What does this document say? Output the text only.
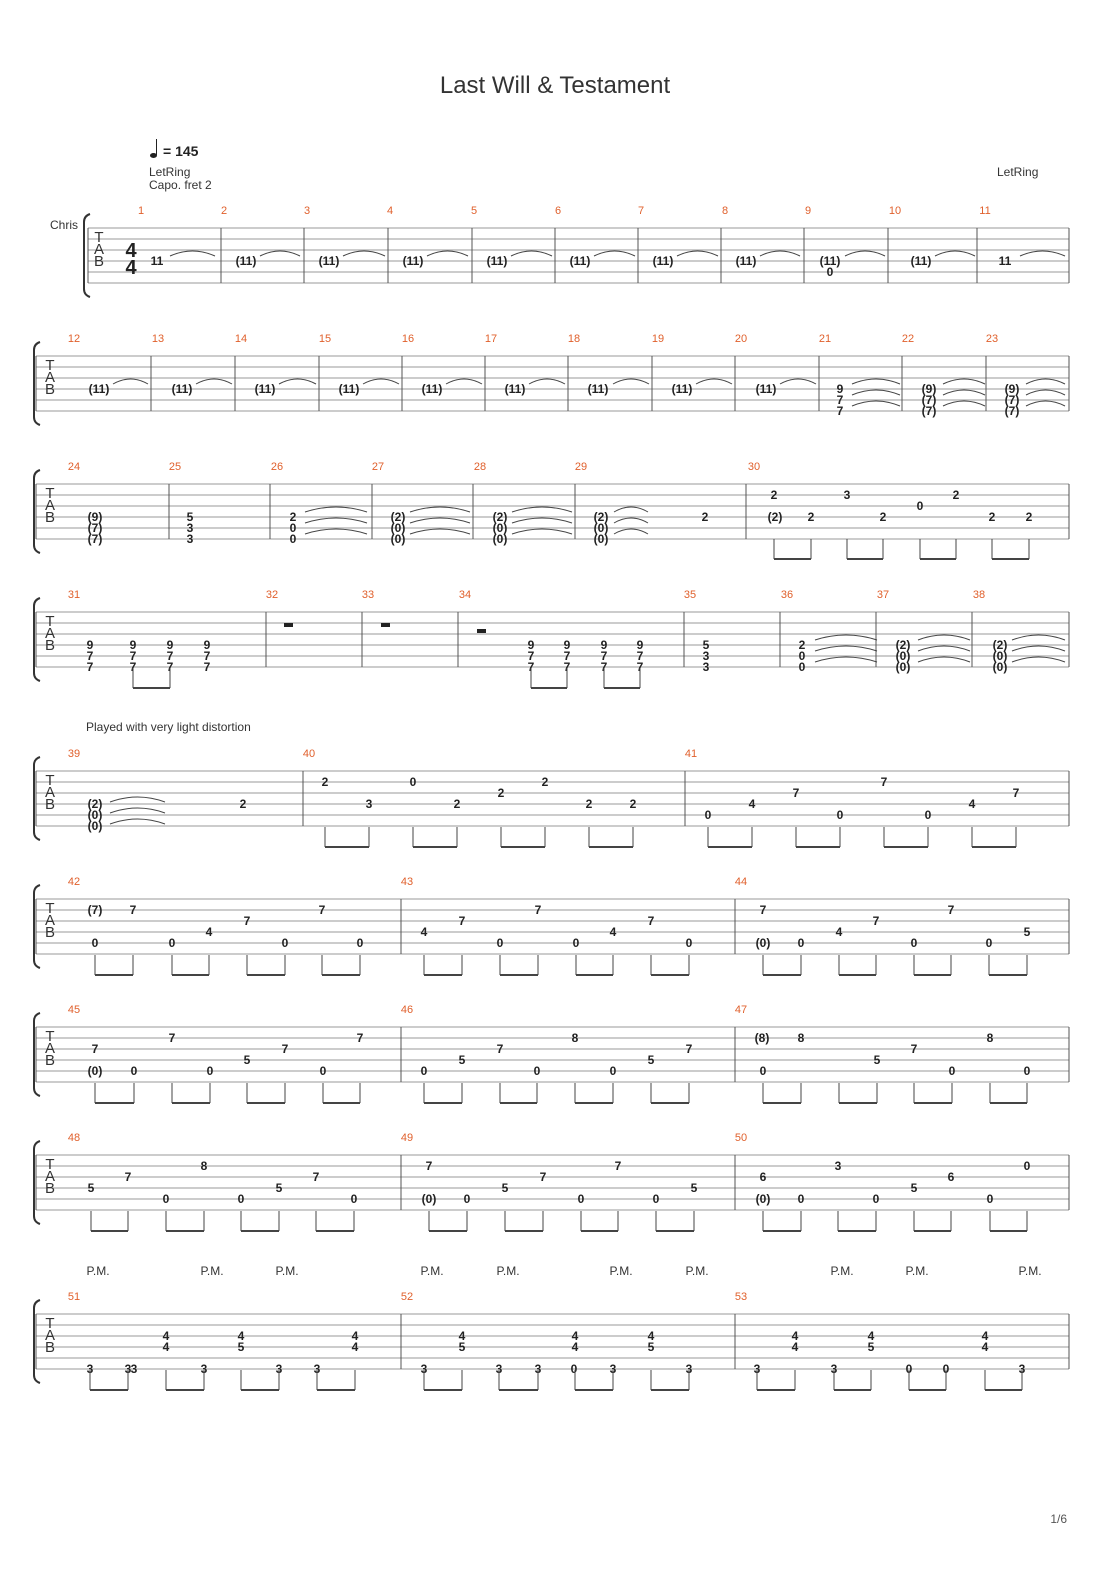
Last Will & Testament
= 145
LetRing
Capo. fret 2
LetRing
Chris
Played with very light distortion
1/6
T
A
B
1	2	3	4	5	6	7	8	9	10	11
T
A
B
12	13	14	15	16	17	18	19	20	21	22	23
T
A
B
24	25	26	27	28	29	30
T
A
B
31	32	33	34	35	36	37	38
T
A
B
39	40	41
T
A
B
42	43	44
T
A
B
45	46	47
T
A
B
48	49	50
T
A
B
51	52	53
4
4 11	(11)	(11)	(11)	(11)	(11)	(11)	(11)	(11)
0
(11)	11
(11)	(11)	(11)	(11)	(11)	(11)	(11)	(11)	(11)	9
7
7
(9)
(7)
(7)
(9)
(7)
(7)
(9)
(7)
(7)
5
3
3
2
0
0
(2)
(0)
(0)
(2)
(0)
(0)
(2)
(0)
(0)
2
2	3
0
2
(2) 2	2	2	2
9
7
7
9
7
7
9
7
7
9
7
7
9
7
7
9
7
7
9
7
7
9
7
7
5
3
3
2
0
0
(2)
(0)
(0)
(2)
(0)
(0)
(2)
(0)
(0)
2
2
3
0
2
2
2
2	2
0
4
7
0	0
7
4
7
(7) 7
0	0
4
7
0
7
0
4
7
0
7
0
4
7
0
7
(0) 0
4
7
0
7
0
5
7
(0) 0
7
0
5
7
0
7
0
5
7
0
8
0
5
7
(8) 8
0
5
7
0
8
0
7
5
8
0	0
5
7
0
7
(0) 0
5
7
0
7
0
5
(0) 0
6
3
0
5
6
0
0
4
4
4
5
4
4
3	3	3	3	3	3
4
5
4
4
4
5
3	3	3	3	3	3
4
4
4
5
0	0
4
4
3
3	0
P.M.	P.M.	P.M.	P.M.	P.M.	P.M.	P.M.	P.M.	P.M.	P.M.
